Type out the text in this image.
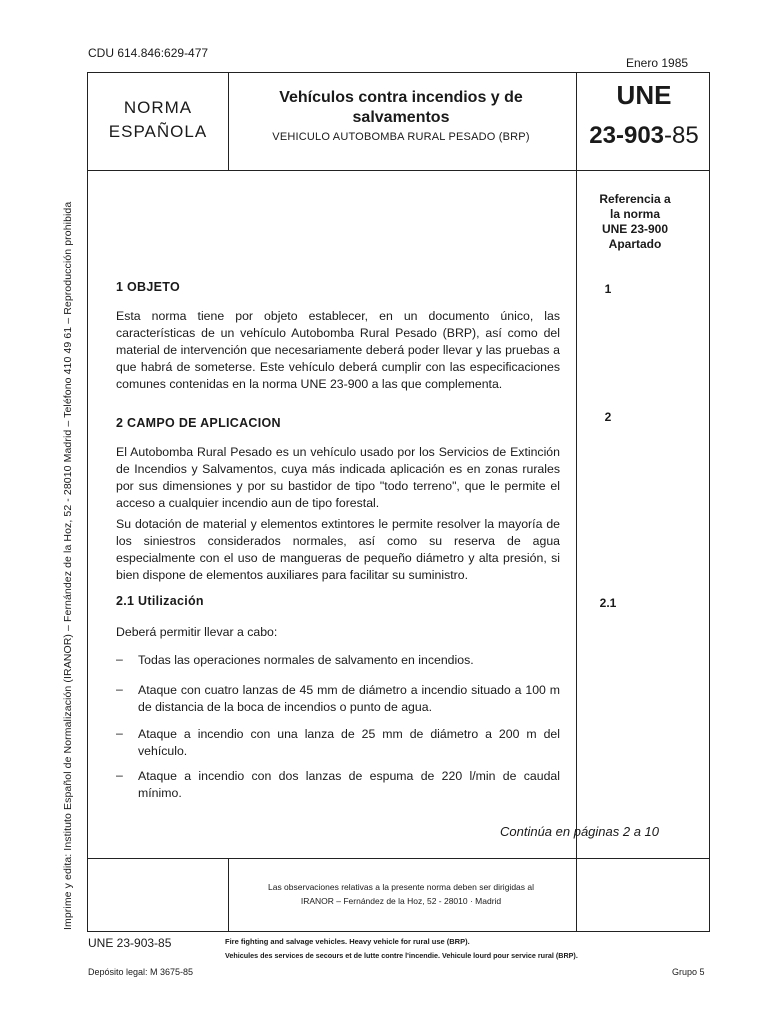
CDU 614.846:629-477
Enero 1985
NORMA
ESPAÑOLA
Vehículos contra incendios y de
salvamentos
VEHICULO AUTOBOMBA RURAL PESADO (BRP)
UNE
23-903-85
Imprime y edita: Instituto Español de Normalización (IRANOR) – Fernández de la Hoz, 52 - 28010 Madrid – Teléfono 410 49 61 – Reproducción prohibida
Referencia a
la norma
UNE 23-900
Apartado
1
2
2.1
1 OBJETO
Esta norma tiene por objeto establecer, en un documento único, las características de un vehículo Autobomba Rural Pesado (BRP), así como del material de intervención que necesariamente deberá poder llevar y las pruebas a que habrá de someterse. Este vehículo deberá cumplir con las especificaciones comunes contenidas en la norma UNE 23-900 a las que complementa.
2 CAMPO DE APLICACION
El Autobomba Rural Pesado es un vehículo usado por los Servicios de Extinción de Incendios y Salvamentos, cuya más indicada aplicación es en zonas rurales por sus dimensiones y por su bastidor de tipo "todo terreno", que le permite el acceso a cualquier incendio aun de tipo forestal.
Su dotación de material y elementos extintores le permite resolver la mayoría de los siniestros considerados normales, así como su reserva de agua especialmente con el uso de mangueras de pequeño diámetro y alta presión, si bien dispone de elementos auxiliares para facilitar su suministro.
2.1 Utilización
Deberá permitir llevar a cabo:
– Todas las operaciones normales de salvamento en incendios.
– Ataque con cuatro lanzas de 45 mm de diámetro a incendio situado a 100 m de distancia de la boca de incendios o punto de agua.
– Ataque a incendio con una lanza de 25 mm de diámetro a 200 m del vehículo.
– Ataque a incendio con dos lanzas de espuma de 220 l/min de caudal mínimo.
Continúa en páginas 2 a 10
Las observaciones relativas a la presente norma deben ser dirigidas al
IRANOR – Fernández de la Hoz, 52 - 28010 · Madrid
UNE 23-903-85	Fire fighting and salvage vehicles. Heavy vehicle for rural use (BRP).
Vehicules des services de secours et de lutte contre l'incendie. Vehicule lourd pour service rural (BRP).
Depósito legal: M 3675-85	Grupo 5
